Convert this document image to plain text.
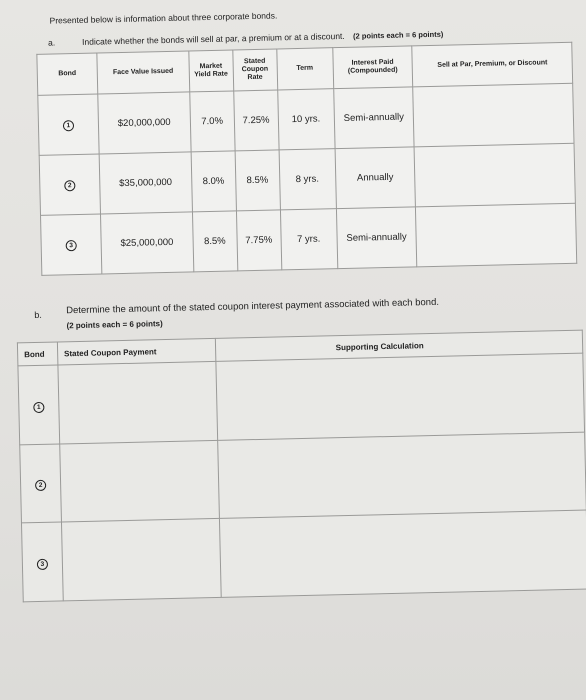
Presented below is information about three corporate bonds.
a.	Indicate whether the bonds will sell at par, a premium or at a discount. (2 points each = 6 points)
Bond	Face Value Issued	Market Yield Rate	Stated Coupon Rate	Term	Interest Paid (Compounded)	Sell at Par, Premium, or Discount
1	$20,000,000	7.0%	7.25%	10 yrs.	Semi-annually	
2	$35,000,000	8.0%	8.5%	8 yrs.	Annually	
3	$25,000,000	8.5%	7.75%	7 yrs.	Semi-annually	
b.	Determine the amount of the stated coupon interest payment associated with each bond.
(2 points each = 6 points)
Bond	Stated Coupon Payment	Supporting Calculation
1		
2		
3		
